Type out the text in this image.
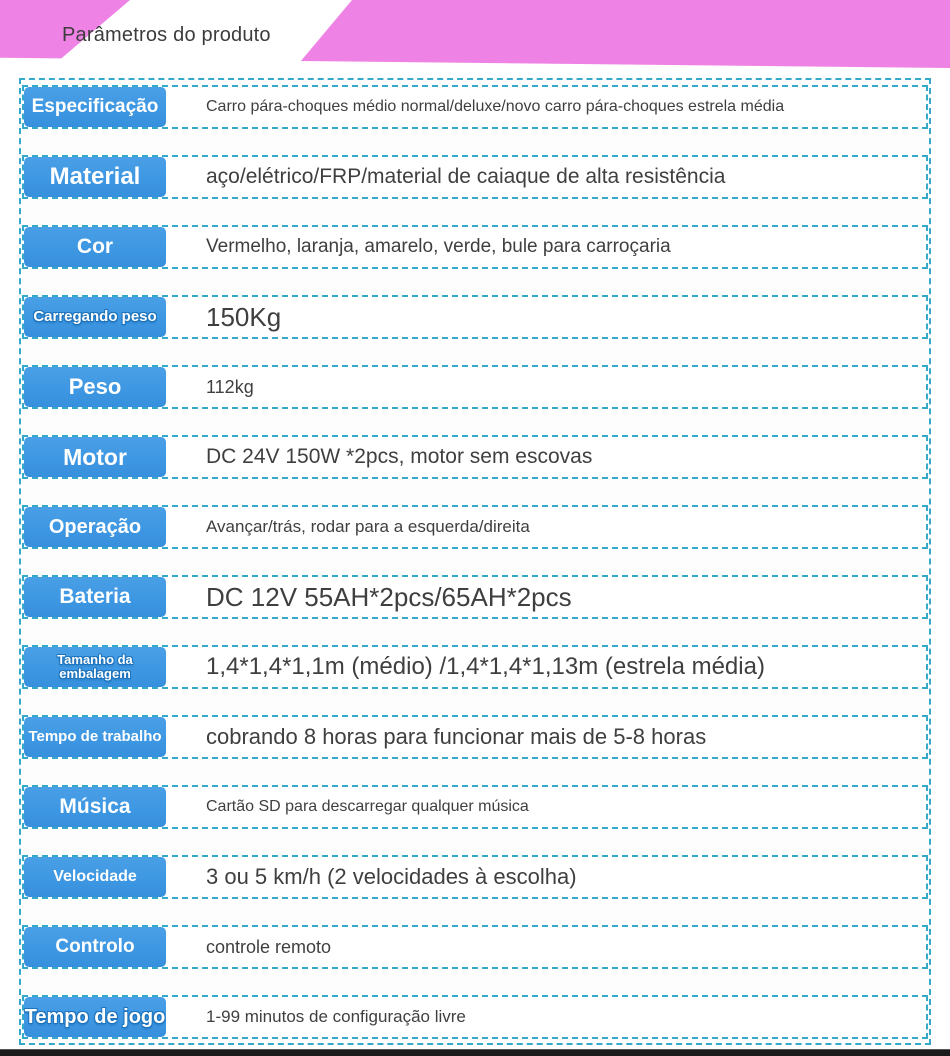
Parâmetros do produto
Especificação	Carro pára-choques médio normal/deluxe/novo carro pára-choques estrela média
Material	aço/elétrico/FRP/material de caiaque de alta resistência
Cor	Vermelho, laranja, amarelo, verde, bule para carroçaria
Carregando peso	150Kg
Peso	112kg
Motor	DC 24V 150W *2pcs, motor sem escovas
Operação	Avançar/trás, rodar para a esquerda/direita
Bateria	DC 12V 55AH*2pcs/65AH*2pcs
Tamanho da embalagem	1,4*1,4*1,1m (médio) /1,4*1,4*1,13m (estrela média)
Tempo de trabalho	cobrando 8 horas para funcionar mais de 5-8 horas
Música	Cartão SD para descarregar qualquer música
Velocidade	3 ou 5 km/h (2 velocidades à escolha)
Controlo	controle remoto
Tempo de jogo	1-99 minutos de configuração livre
